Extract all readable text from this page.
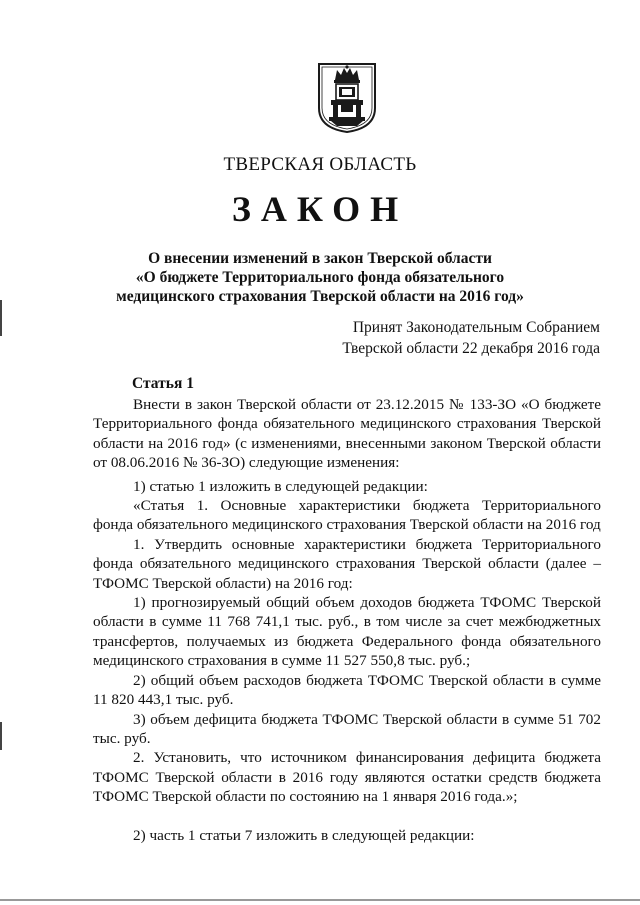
ТВЕРСКАЯ ОБЛАСТЬ
ЗАКОН
О внесении изменений в закон Тверской области
«О бюджете Территориального фонда обязательного
медицинского страхования Тверской области на 2016 год»
Принят Законодательным Собранием
Тверской области 22 декабря 2016 года
Статья 1

Внести в закон Тверской области от 23.12.2015 № 133-ЗО «О бюджете Территориального фонда обязательного медицинского страхования Тверской области на 2016 год» (с изменениями, внесенными законом Тверской области от 08.06.2016 № 36-ЗО) следующие изменения:

1) статью 1 изложить в следующей редакции:

«Статья 1. Основные характеристики бюджета Территориального фонда обязательного медицинского страхования Тверской области на 2016 год

1. Утвердить основные характеристики бюджета Территориального фонда обязательного медицинского страхования Тверской области (далее – ТФОМС Тверской области) на 2016 год:

1) прогнозируемый общий объем доходов бюджета ТФОМС Тверской области в сумме 11 768 741,1 тыс. руб., в том числе за счет межбюджетных трансфертов, получаемых из бюджета Федерального фонда обязательного медицинского страхования в сумме 11 527 550,8 тыс. руб.;

2) общий объем расходов бюджета ТФОМС Тверской области в сумме 11 820 443,1 тыс. руб.

3) объем дефицита бюджета ТФОМС Тверской области в сумме 51 702 тыс. руб.

2. Установить, что источником финансирования дефицита бюджета ТФОМС Тверской области в 2016 году являются остатки средств бюджета ТФОМС Тверской области по состоянию на 1 января 2016 года.»;

2) часть 1 статьи 7 изложить в следующей редакции:
